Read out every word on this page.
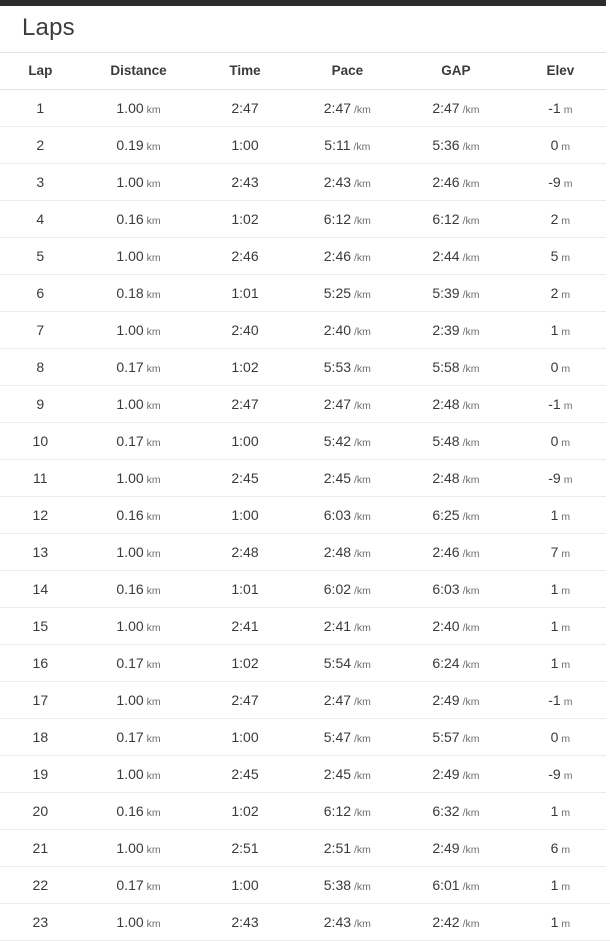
Laps
Lap	Distance	Time	Pace	GAP	Elev
1	1.00 km	2:47	2:47 /km	2:47 /km	-1 m
2	0.19 km	1:00	5:11 /km	5:36 /km	0 m
3	1.00 km	2:43	2:43 /km	2:46 /km	-9 m
4	0.16 km	1:02	6:12 /km	6:12 /km	2 m
5	1.00 km	2:46	2:46 /km	2:44 /km	5 m
6	0.18 km	1:01	5:25 /km	5:39 /km	2 m
7	1.00 km	2:40	2:40 /km	2:39 /km	1 m
8	0.17 km	1:02	5:53 /km	5:58 /km	0 m
9	1.00 km	2:47	2:47 /km	2:48 /km	-1 m
10	0.17 km	1:00	5:42 /km	5:48 /km	0 m
11	1.00 km	2:45	2:45 /km	2:48 /km	-9 m
12	0.16 km	1:00	6:03 /km	6:25 /km	1 m
13	1.00 km	2:48	2:48 /km	2:46 /km	7 m
14	0.16 km	1:01	6:02 /km	6:03 /km	1 m
15	1.00 km	2:41	2:41 /km	2:40 /km	1 m
16	0.17 km	1:02	5:54 /km	6:24 /km	1 m
17	1.00 km	2:47	2:47 /km	2:49 /km	-1 m
18	0.17 km	1:00	5:47 /km	5:57 /km	0 m
19	1.00 km	2:45	2:45 /km	2:49 /km	-9 m
20	0.16 km	1:02	6:12 /km	6:32 /km	1 m
21	1.00 km	2:51	2:51 /km	2:49 /km	6 m
22	0.17 km	1:00	5:38 /km	6:01 /km	1 m
23	1.00 km	2:43	2:43 /km	2:42 /km	1 m
